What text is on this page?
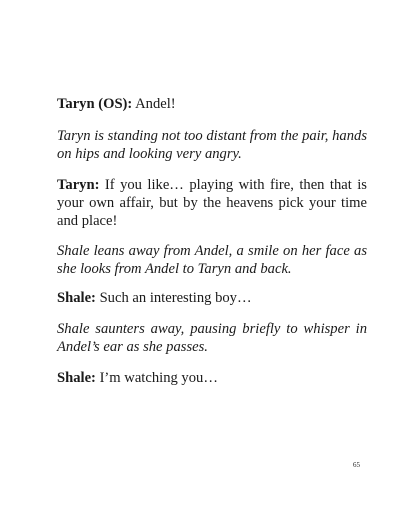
Taryn (OS): Andel!

Taryn is standing not too distant from the pair, hands on hips and looking very angry.

Taryn: If you like… playing with fire, then that is your own affair, but by the heavens pick your time and place!

Shale leans away from Andel, a smile on her face as she looks from Andel to Taryn and back.

Shale: Such an interesting boy…

Shale saunters away, pausing briefly to whisper in Andel’s ear as she passes.

Shale: I’m watching you…

65
